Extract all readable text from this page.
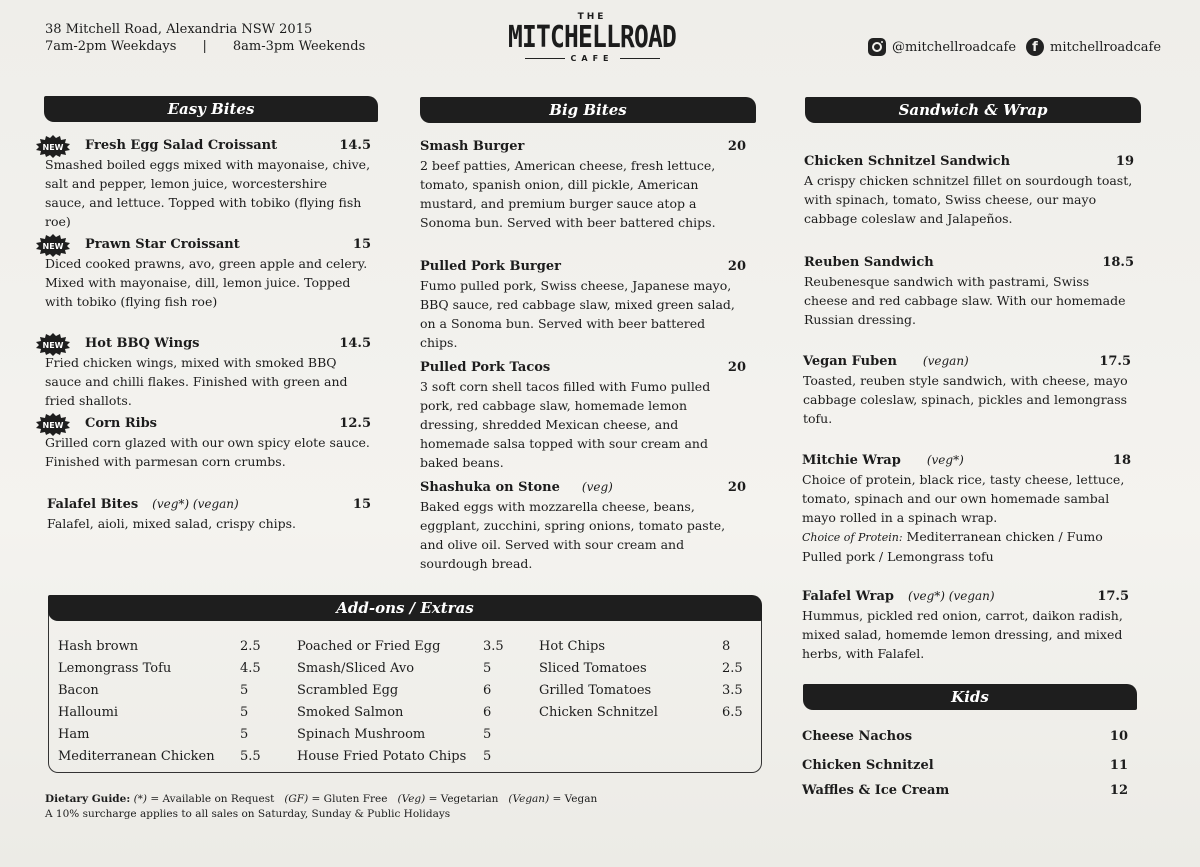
38 Mitchell Road, Alexandria NSW 2015
7am-2pm Weekdays | 8am-3pm Weekends
THE
MITCHELLROAD
CAFE
@mitchellroadcafe	f mitchellroadcafe
Easy Bites	Big Bites	Sandwich & Wrap
NEW Fresh Egg Salad Croissant	14.5
Smashed boiled eggs mixed with mayonaise, chive, salt and pepper, lemon juice, worcestershire sauce, and lettuce. Topped with tobiko (flying fish roe)
NEW Prawn Star Croissant	15
Diced cooked prawns, avo, green apple and celery. Mixed with mayonaise, dill, lemon juice. Topped with tobiko (flying fish roe)
NEW Hot BBQ Wings	14.5
Fried chicken wings, mixed with smoked BBQ sauce and chilli flakes. Finished with green and fried shallots.
NEW Corn Ribs	12.5
Grilled corn glazed with our own spicy elote sauce. Finished with parmesan corn crumbs.
Falafel Bites (veg*) (vegan)	15
Falafel, aioli, mixed salad, crispy chips.
Smash Burger	20
2 beef patties, American cheese, fresh lettuce, tomato, spanish onion, dill pickle, American mustard, and premium burger sauce atop a Sonoma bun. Served with beer battered chips.
Pulled Pork Burger	20
Fumo pulled pork, Swiss cheese, Japanese mayo, BBQ sauce, red cabbage slaw, mixed green salad, on a Sonoma bun. Served with beer battered chips.
Pulled Pork Tacos	20
3 soft corn shell tacos filled with Fumo pulled pork, red cabbage slaw, homemade lemon dressing, shredded Mexican cheese, and homemade salsa topped with sour cream and baked beans.
Shashuka on Stone (veg)	20
Baked eggs with mozzarella cheese, beans, eggplant, zucchini, spring onions, tomato paste, and olive oil. Served with sour cream and sourdough bread.
Chicken Schnitzel Sandwich	19
A crispy chicken schnitzel fillet on sourdough toast, with spinach, tomato, Swiss cheese, our mayo cabbage coleslaw and Jalapeños.
Reuben Sandwich	18.5
Reubenesque sandwich with pastrami, Swiss cheese and red cabbage slaw. With our homemade Russian dressing.
Vegan Fuben (vegan)	17.5
Toasted, reuben style sandwich, with cheese, mayo cabbage coleslaw, spinach, pickles and lemongrass tofu.
Mitchie Wrap (veg*)	18
Choice of protein, black rice, tasty cheese, lettuce, tomato, spinach and our own homemade sambal mayo rolled in a spinach wrap.
Choice of Protein: Mediterranean chicken / Fumo Pulled pork / Lemongrass tofu
Falafel Wrap (veg*) (vegan)	17.5
Hummus, pickled red onion, carrot, daikon radish, mixed salad, homemde lemon dressing, and mixed herbs, with Falafel.
Add-ons / Extras
Hash brown	2.5
Lemongrass Tofu	4.5
Bacon	5
Halloumi	5
Ham	5
Mediterranean Chicken 5.5
Poached or Fried Egg	3.5
Smash/Sliced Avo	5
Scrambled Egg	6
Smoked Salmon	6
Spinach Mushroom	5
House Fried Potato Chips 5
Hot Chips	8
Sliced Tomatoes	2.5
Grilled Tomatoes	3.5
Chicken Schnitzel	6.5
Kids
Cheese Nachos	10
Chicken Schnitzel	11
Waffles & Ice Cream	12
Dietary Guide: (*) = Available on Request (GF) = Gluten Free (Veg) = Vegetarian (Vegan) = Vegan
A 10% surcharge applies to all sales on Saturday, Sunday & Public Holidays
